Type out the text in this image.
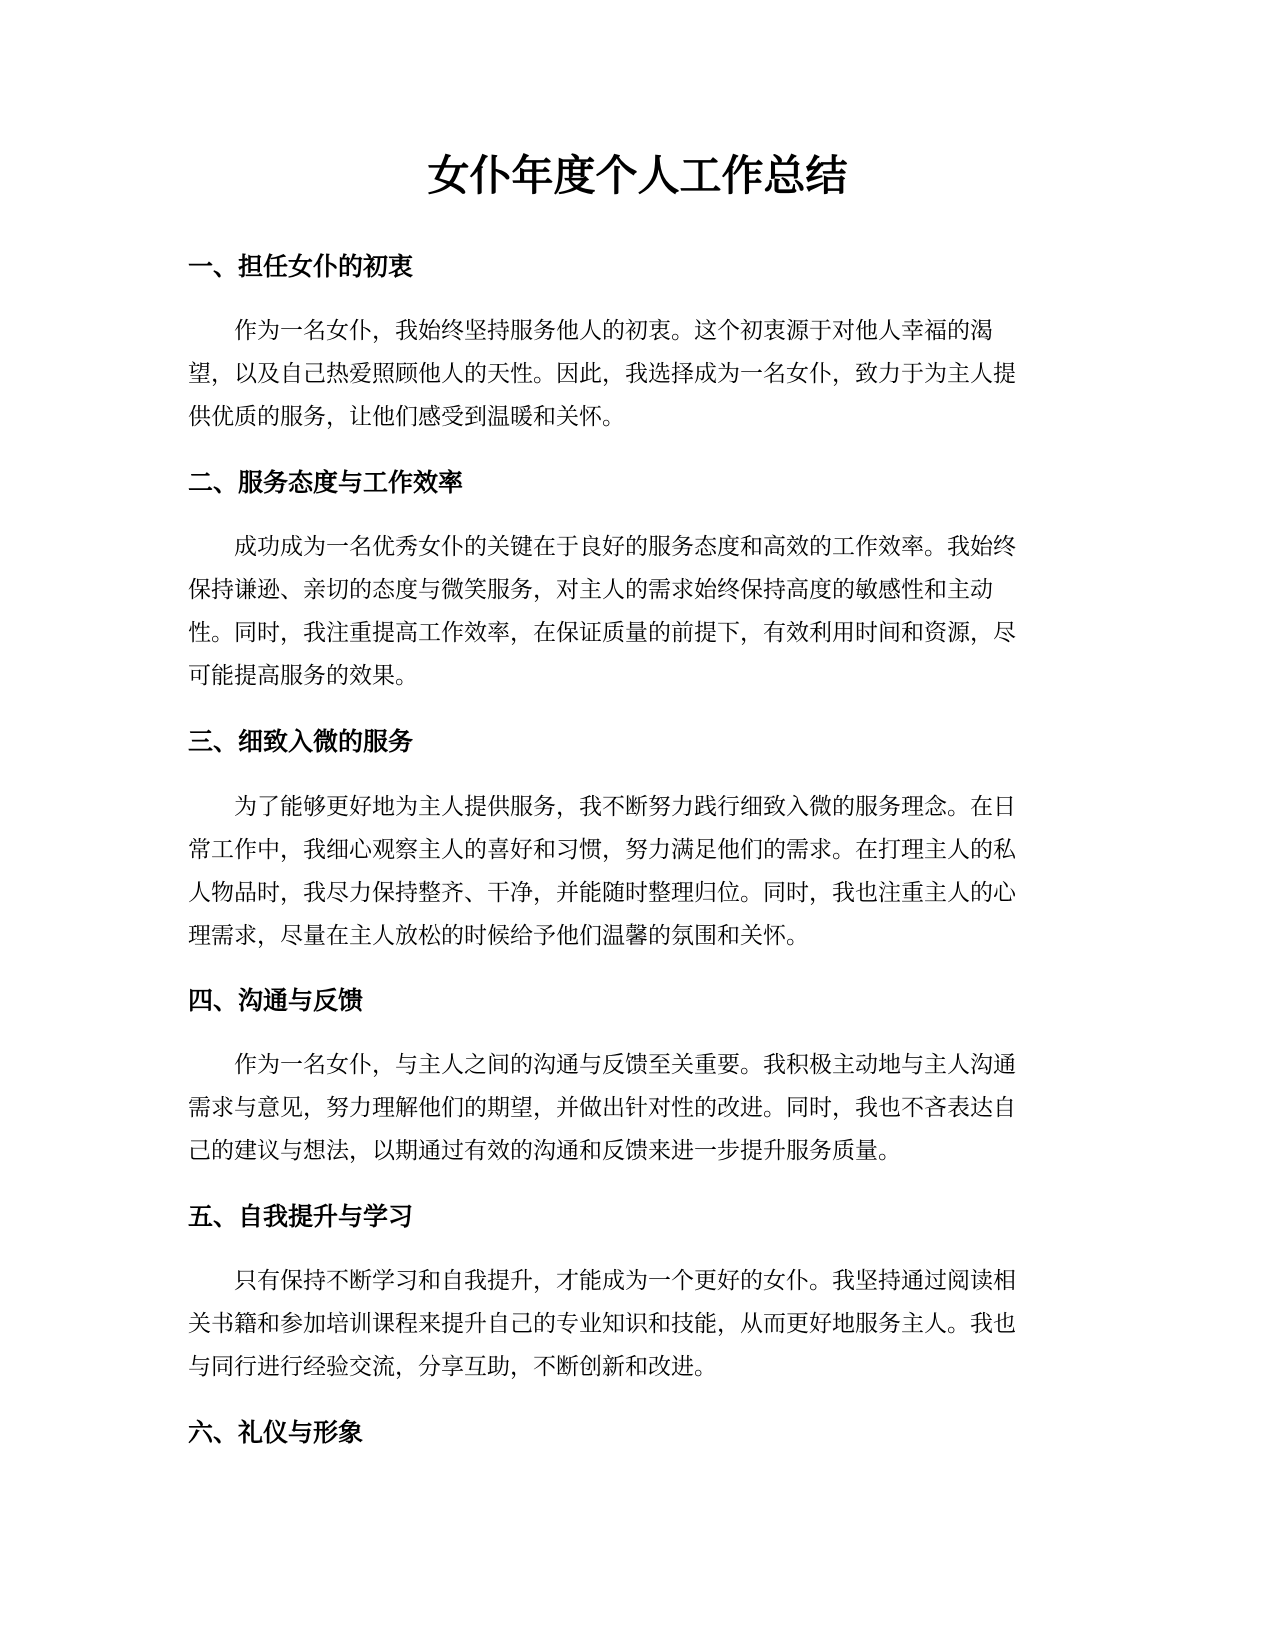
女仆年度个人工作总结
一、担任女仆的初衷
作为一名女仆，我始终坚持服务他人的初衷。这个初衷源于对他人幸福的渴
望，以及自己热爱照顾他人的天性。因此，我选择成为一名女仆，致力于为主人提
供优质的服务，让他们感受到温暖和关怀。
二、服务态度与工作效率
成功成为一名优秀女仆的关键在于良好的服务态度和高效的工作效率。我始终
保持谦逊、亲切的态度与微笑服务，对主人的需求始终保持高度的敏感性和主动
性。同时，我注重提高工作效率，在保证质量的前提下，有效利用时间和资源，尽
可能提高服务的效果。
三、细致入微的服务
为了能够更好地为主人提供服务，我不断努力践行细致入微的服务理念。在日
常工作中，我细心观察主人的喜好和习惯，努力满足他们的需求。在打理主人的私
人物品时，我尽力保持整齐、干净，并能随时整理归位。同时，我也注重主人的心
理需求，尽量在主人放松的时候给予他们温馨的氛围和关怀。
四、沟通与反馈
作为一名女仆，与主人之间的沟通与反馈至关重要。我积极主动地与主人沟通
需求与意见，努力理解他们的期望，并做出针对性的改进。同时，我也不吝表达自
己的建议与想法，以期通过有效的沟通和反馈来进一步提升服务质量。
五、自我提升与学习
只有保持不断学习和自我提升，才能成为一个更好的女仆。我坚持通过阅读相
关书籍和参加培训课程来提升自己的专业知识和技能，从而更好地服务主人。我也
与同行进行经验交流，分享互助，不断创新和改进。
六、礼仪与形象
